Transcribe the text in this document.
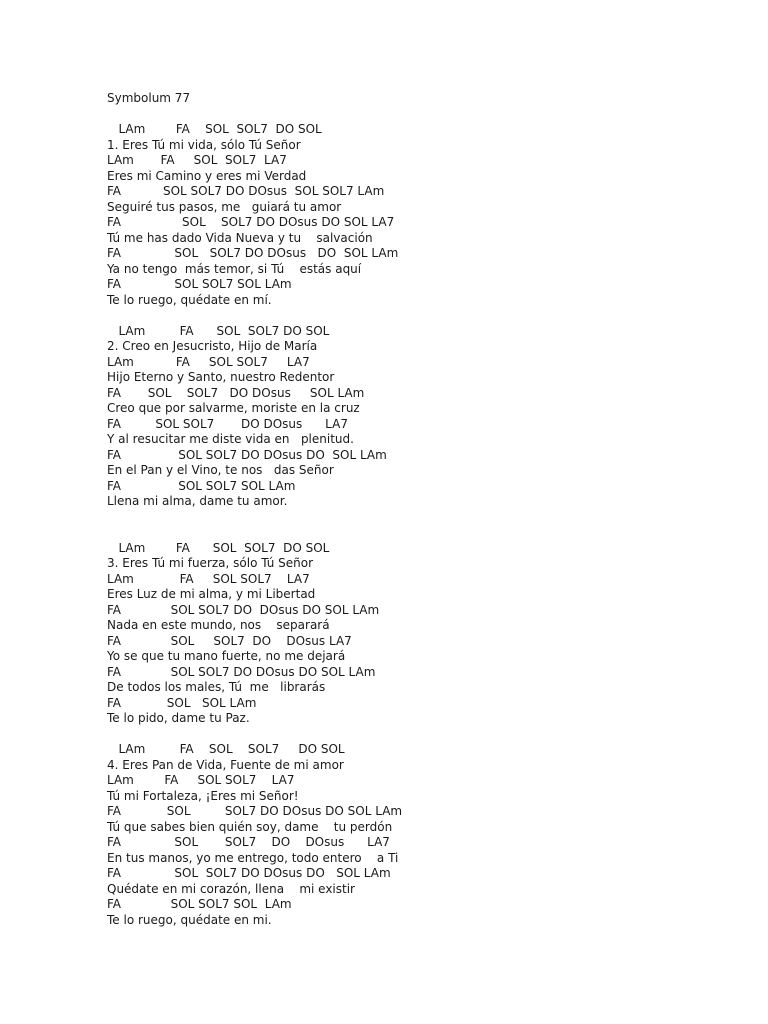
Symbolum 77
LAm        FA    SOL  SOL7  DO SOL
1. Eres Tú mi vida, sólo Tú Señor
LAm       FA     SOL  SOL7  LA7
Eres mi Camino y eres mi Verdad
FA           SOL SOL7 DO DOsus  SOL SOL7 LAm
Seguiré tus pasos, me   guiará tu amor
FA                SOL    SOL7 DO DOsus DO SOL LA7
Tú me has dado Vida Nueva y tu    salvación
FA              SOL   SOL7 DO DOsus   DO  SOL LAm
Ya no tengo  más temor, si Tú    estás aquí
FA              SOL SOL7 SOL LAm
Te lo ruego, quédate en mí.
LAm         FA      SOL  SOL7 DO SOL
2. Creo en Jesucristo, Hijo de María
LAm           FA     SOL SOL7     LA7
Hijo Eterno y Santo, nuestro Redentor
FA       SOL    SOL7   DO DOsus     SOL LAm
Creo que por salvarme, moriste en la cruz
FA         SOL SOL7       DO DOsus      LA7
Y al resucitar me diste vida en   plenitud.
FA               SOL SOL7 DO DOsus DO  SOL LAm
En el Pan y el Vino, te nos   das Señor
FA               SOL SOL7 SOL LAm
Llena mi alma, dame tu amor.
LAm        FA      SOL  SOL7  DO SOL
3. Eres Tú mi fuerza, sólo Tú Señor
LAm            FA     SOL SOL7    LA7
Eres Luz de mi alma, y mi Libertad
FA             SOL SOL7 DO  DOsus DO SOL LAm
Nada en este mundo, nos    separará
FA             SOL     SOL7  DO    DOsus LA7
Yo se que tu mano fuerte, no me dejará
FA             SOL SOL7 DO DOsus DO SOL LAm
De todos los males, Tú  me   librarás
FA            SOL   SOL LAm
Te lo pido, dame tu Paz.
LAm         FA    SOL    SOL7     DO SOL
4. Eres Pan de Vida, Fuente de mi amor
LAm        FA     SOL SOL7    LA7
Tú mi Fortaleza, ¡Eres mi Señor!
FA            SOL         SOL7 DO DOsus DO SOL LAm
Tú que sabes bien quién soy, dame    tu perdón
FA              SOL       SOL7    DO    DOsus      LA7
En tus manos, yo me entrego, todo entero    a Ti
FA              SOL  SOL7 DO DOsus DO   SOL LAm
Quédate en mi corazón, llena    mi existir
FA             SOL SOL7 SOL  LAm
Te lo ruego, quédate en mi.
